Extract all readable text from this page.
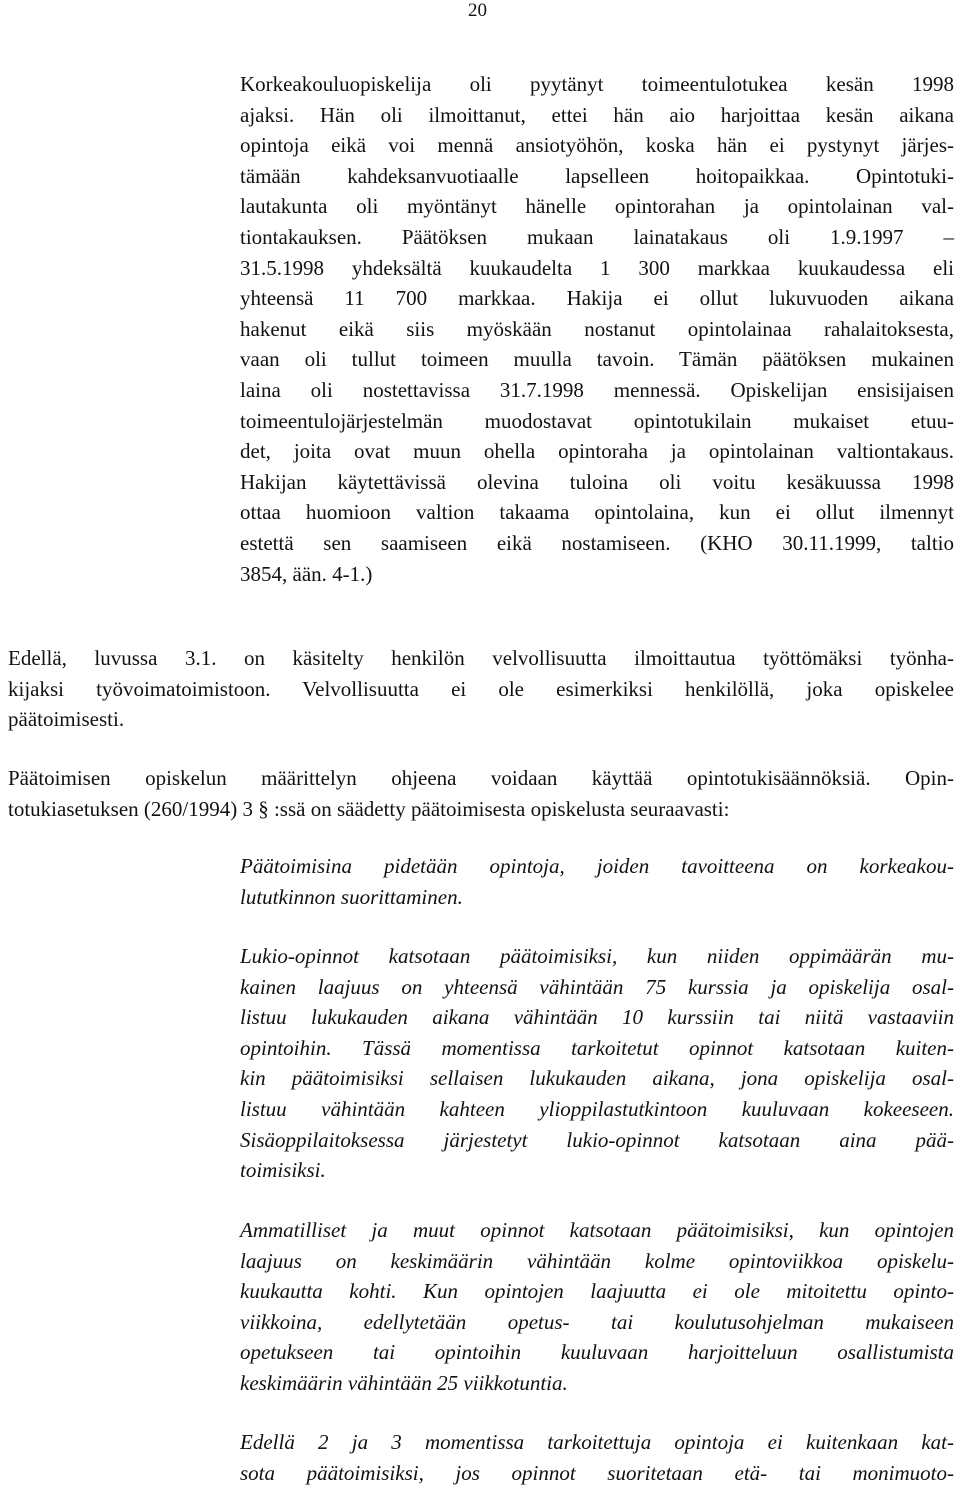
20
Korkeakouluopiskelija oli pyytänyt toimeentulotukea kesän 1998
ajaksi. Hän oli ilmoittanut, ettei hän aio harjoittaa kesän aikana
opintoja eikä voi mennä ansiotyöhön, koska hän ei pystynyt järjes-
tämään kahdeksanvuotiaalle lapselleen hoitopaikkaa. Opintotuki-
lautakunta oli myöntänyt hänelle opintorahan ja opintolainan val-
tiontakauksen. Päätöksen mukaan lainatakaus oli 1.9.1997 –
31.5.1998 yhdeksältä kuukaudelta 1 300 markkaa kuukaudessa eli
yhteensä 11 700 markkaa. Hakija ei ollut lukuvuoden aikana
hakenut eikä siis myöskään nostanut opintolainaa rahalaitoksesta,
vaan oli tullut toimeen muulla tavoin. Tämän päätöksen mukainen
laina oli nostettavissa 31.7.1998 mennessä. Opiskelijan ensisijaisen
toimeentulojärjestelmän muodostavat opintotukilain mukaiset etuu-
det, joita ovat muun ohella opintoraha ja opintolainan valtiontakaus.
Hakijan käytettävissä olevina tuloina oli voitu kesäkuussa 1998
ottaa huomioon valtion takaama opintolaina, kun ei ollut ilmennyt
estettä sen saamiseen eikä nostamiseen. (KHO 30.11.1999, taltio
3854, ään. 4-1.)
Edellä, luvussa 3.1. on käsitelty henkilön velvollisuutta ilmoittautua työttömäksi työnha-
kijaksi työvoimatoimistoon. Velvollisuutta ei ole esimerkiksi henkilöllä, joka opiskelee
päätoimisesti.
Päätoimisen opiskelun määrittelyn ohjeena voidaan käyttää opintotukisäännöksiä. Opin-
totukiasetuksen (260/1994) 3 § :ssä on säädetty päätoimisesta opiskelusta seuraavasti:
Päätoimisina pidetään opintoja, joiden tavoitteena on korkeakou-
lututkinnon suorittaminen.
Lukio-opinnot katsotaan päätoimisiksi, kun niiden oppimäärän mu-
kainen laajuus on yhteensä vähintään 75 kurssia ja opiskelija osal-
listuu lukukauden aikana vähintään 10 kurssiin tai niitä vastaaviin
opintoihin. Tässä momentissa tarkoitetut opinnot katsotaan kuiten-
kin päätoimisiksi sellaisen lukukauden aikana, jona opiskelija osal-
listuu vähintään kahteen ylioppilastutkintoon kuuluvaan kokeeseen.
Sisäoppilaitoksessa järjestetyt lukio-opinnot katsotaan aina pää-
toimisiksi.
Ammatilliset ja muut opinnot katsotaan päätoimisiksi, kun opintojen
laajuus on keskimäärin vähintään kolme opintoviikkoa opiskelu-
kuukautta kohti. Kun opintojen laajuutta ei ole mitoitettu opinto-
viikkoina, edellytetään opetus- tai koulutusohjelman mukaiseen
opetukseen tai opintoihin kuuluvaan harjoitteluun osallistumista
keskimäärin vähintään 25 viikkotuntia.
Edellä 2 ja 3 momentissa tarkoitettuja opintoja ei kuitenkaan kat-
sota päätoimisiksi, jos opinnot suoritetaan etä- tai monimuoto-
